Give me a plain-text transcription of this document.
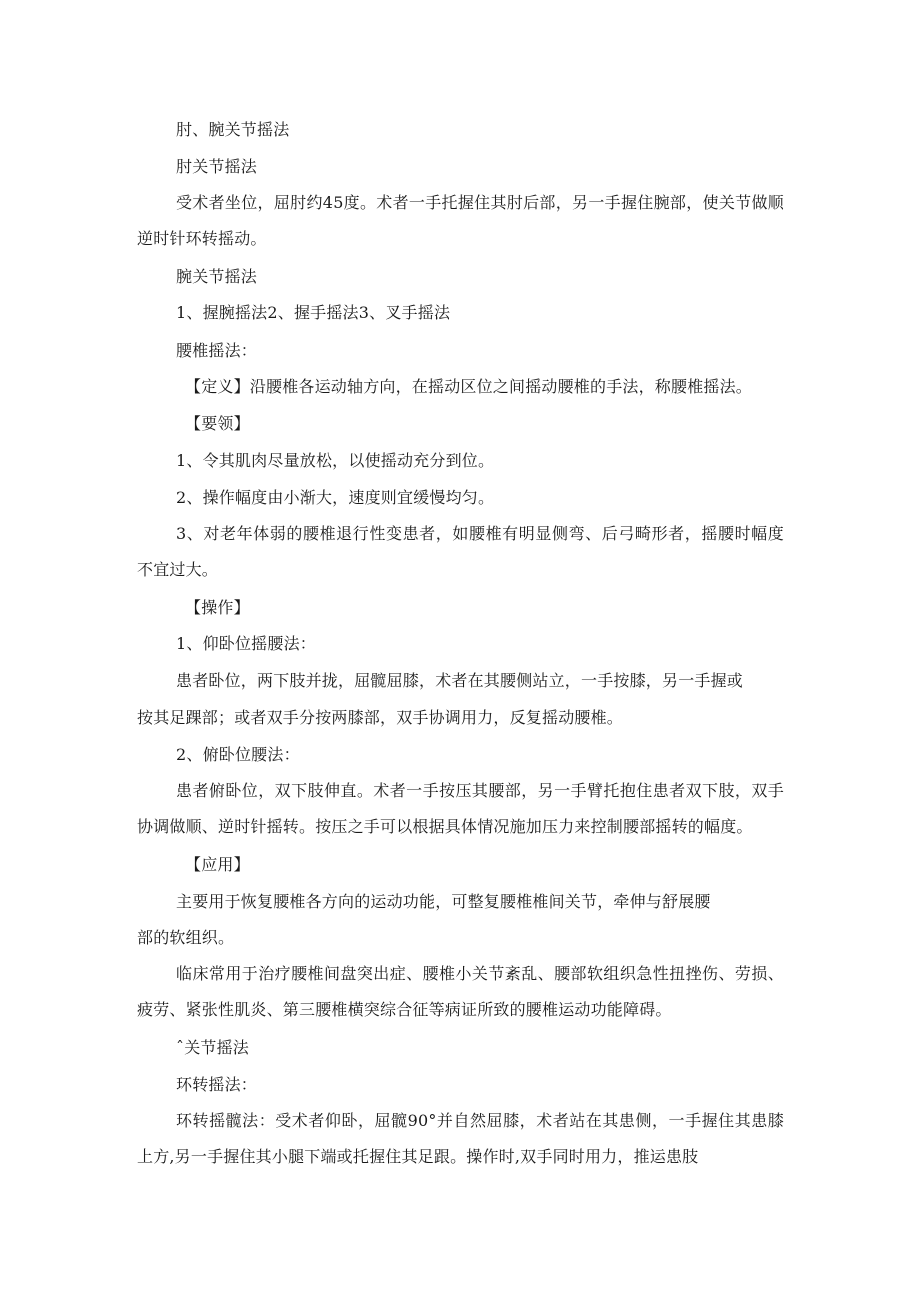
肘、腕关节摇法
肘关节摇法
受术者坐位，屈肘约45度。术者一手托握住其肘后部，另一手握住腕部，使关节做顺逆时针环转摇动。
腕关节摇法
1、握腕摇法2、握手摇法3、叉手摇法
腰椎摇法：
【定义】沿腰椎各运动轴方向，在摇动区位之间摇动腰椎的手法，称腰椎摇法。
【要领】
1、令其肌肉尽量放松，以使摇动充分到位。
2、操作幅度由小渐大，速度则宜缓慢均匀。
3、对老年体弱的腰椎退行性变患者，如腰椎有明显侧弯、后弓畸形者，摇腰时幅度不宜过大。
【操作】
1、仰卧位摇腰法：
患者卧位，两下肢并拢，屈髋屈膝，术者在其腰侧站立，一手按膝，另一手握或
按其足踝部；或者双手分按两膝部，双手协调用力，反复摇动腰椎。
2、俯卧位腰法：
患者俯卧位，双下肢伸直。术者一手按压其腰部，另一手臂托抱住患者双下肢，双手协调做顺、逆时针摇转。按压之手可以根据具体情况施加压力来控制腰部摇转的幅度。
【应用】
主要用于恢复腰椎各方向的运动功能，可整复腰椎椎间关节，牵伸与舒展腰
部的软组织。
临床常用于治疗腰椎间盘突出症、腰椎小关节紊乱、腰部软组织急性扭挫伤、劳损、疲劳、紧张性肌炎、第三腰椎横突综合征等病证所致的腰椎运动功能障碍。
ˆ关节摇法
环转摇法：
环转摇髋法：受术者仰卧，屈髋90°并自然屈膝，术者站在其患侧，一手握住其患膝上方,另一手握住其小腿下端或托握住其足跟。操作时,双手同时用力，推运患肢
